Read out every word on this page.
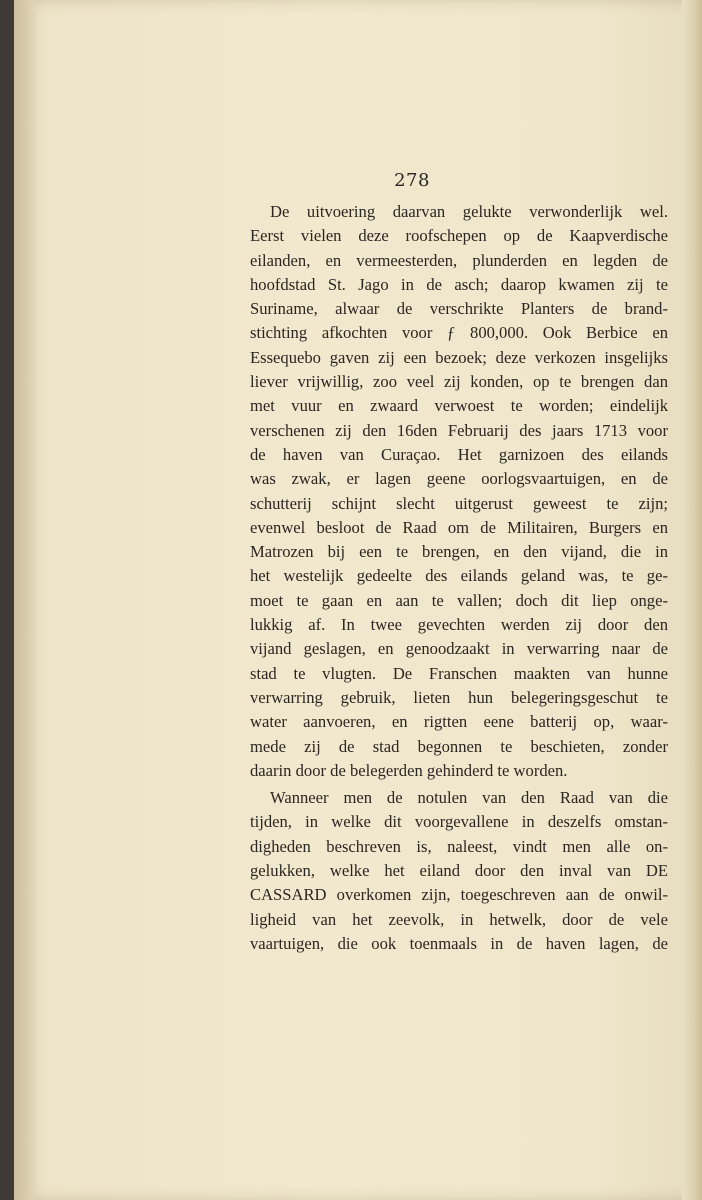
278
De uitvoering daarvan gelukte verwonderlijk wel.
Eerst vielen deze roofschepen op de Kaapverdische
eilanden, en vermeesterden, plunderden en legden de
hoofdstad St. Jago in de asch; daarop kwamen zij te
Suriname, alwaar de verschrikte Planters de brand-
stichting afkochten voor ƒ 800,000. Ook Berbice en
Essequebo gaven zij een bezoek; deze verkozen insgelijks
liever vrijwillig, zoo veel zij konden, op te brengen dan
met vuur en zwaard verwoest te worden; eindelijk
verschenen zij den 16den Februarij des jaars 1713 voor
de haven van Curaçao. Het garnizoen des eilands
was zwak, er lagen geene oorlogsvaartuigen, en de
schutterij schijnt slecht uitgerust geweest te zijn;
evenwel besloot de Raad om de Militairen, Burgers en
Matrozen bij een te brengen, en den vijand, die in
het westelijk gedeelte des eilands geland was, te ge-
moet te gaan en aan te vallen; doch dit liep onge-
lukkig af. In twee gevechten werden zij door den
vijand geslagen, en genoodzaakt in verwarring naar de
stad te vlugten. De Franschen maakten van hunne
verwarring gebruik, lieten hun belegeringsgeschut te
water aanvoeren, en rigtten eene batterij op, waar-
mede zij de stad begonnen te beschieten, zonder
daarin door de belegerden gehinderd te worden.
Wanneer men de notulen van den Raad van die
tijden, in welke dit voorgevallene in deszelfs omstan-
digheden beschreven is, naleest, vindt men alle on-
gelukken, welke het eiland door den inval van DE
CASSARD overkomen zijn, toegeschreven aan de onwil-
ligheid van het zeevolk, in hetwelk, door de vele
vaartuigen, die ook toenmaals in de haven lagen, de
